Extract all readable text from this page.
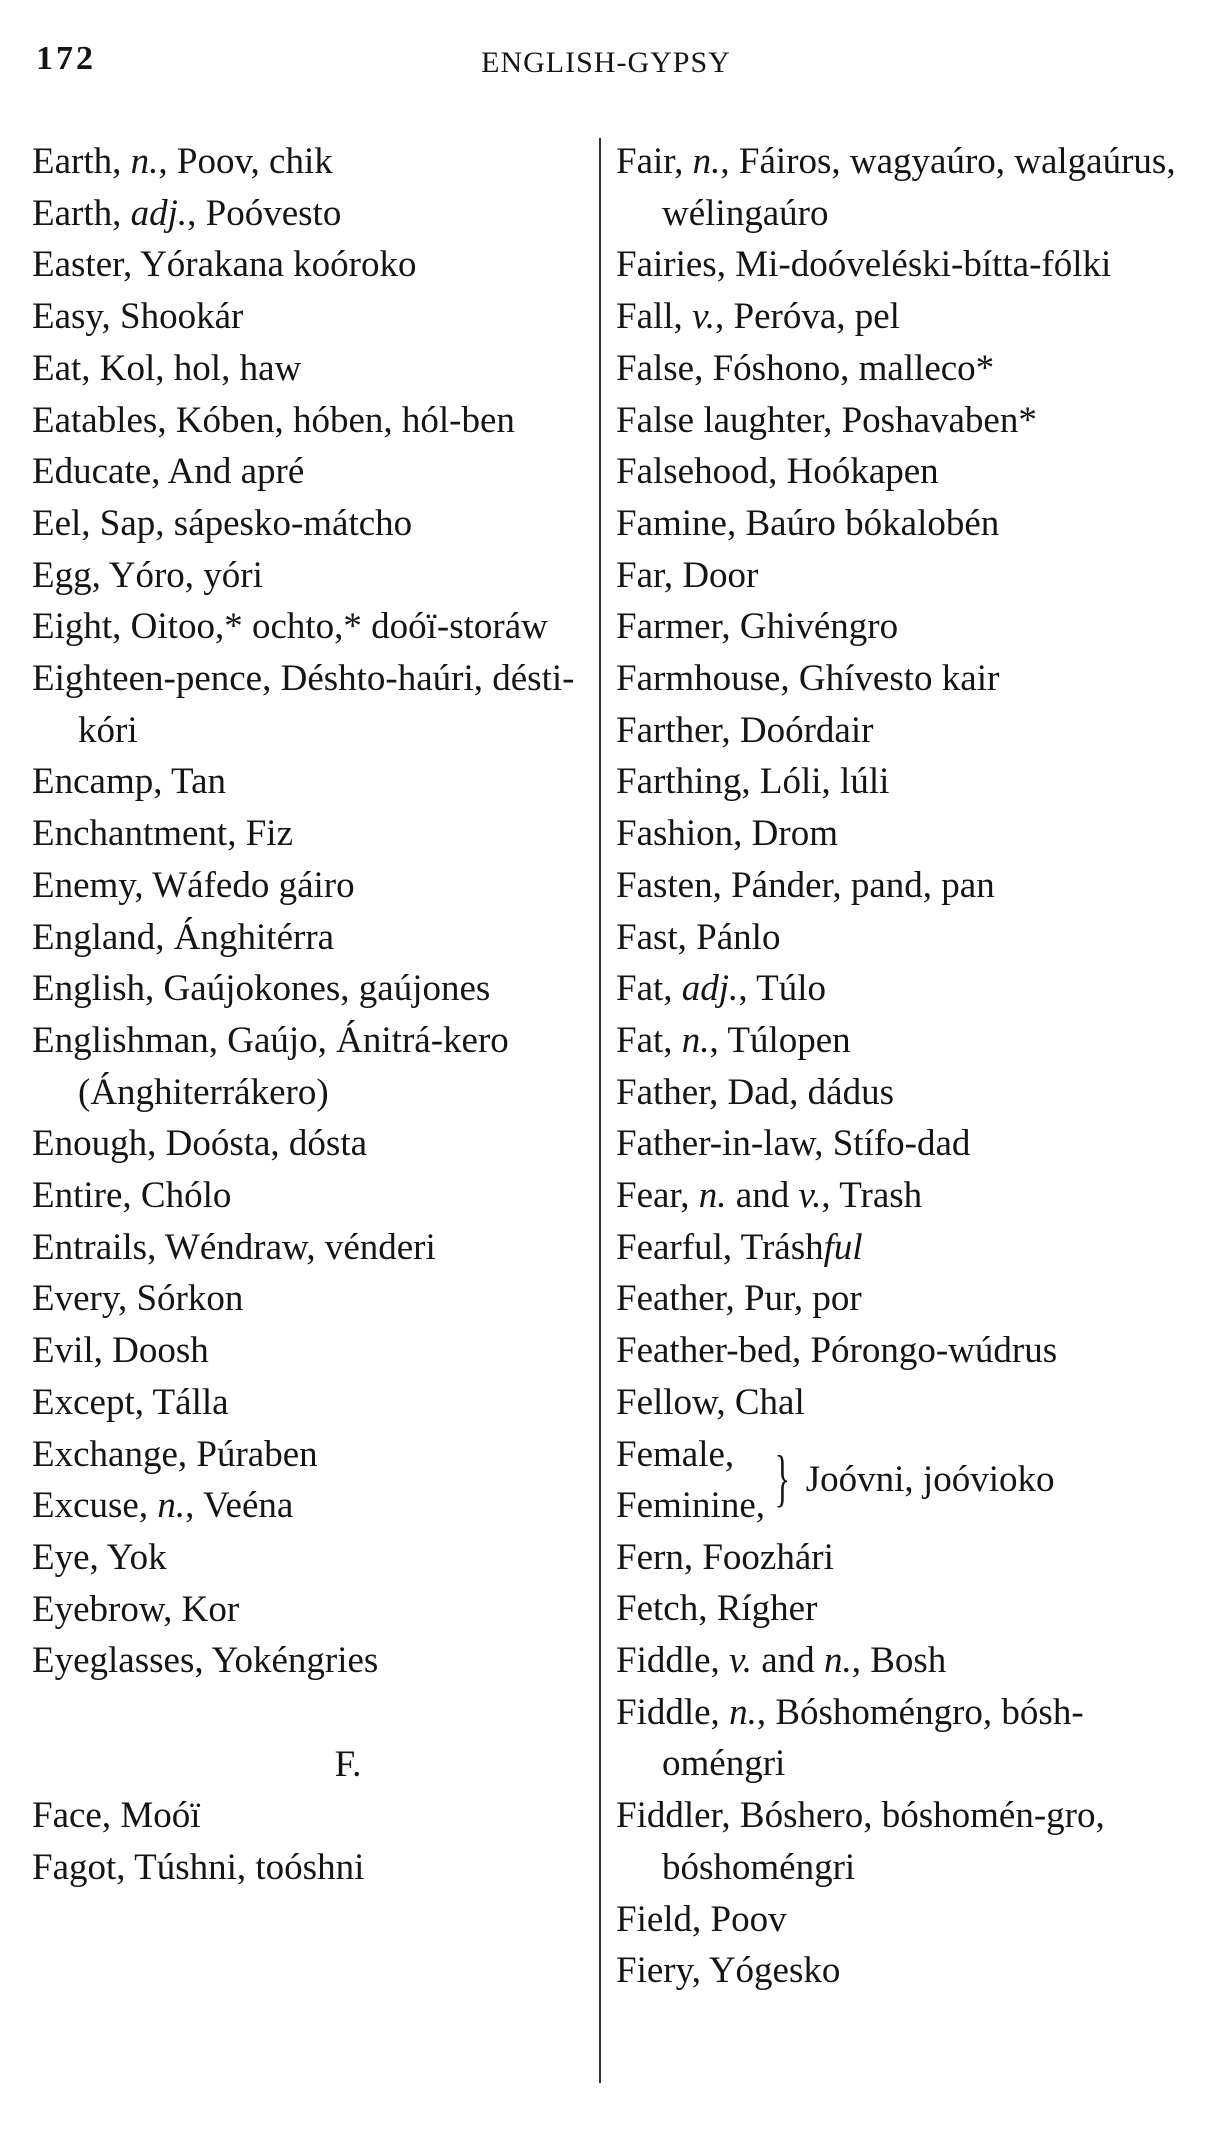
172	ENGLISH-GYPSY
Earth, n., Poov, chik
Earth, adj., Poóvesto
Easter, Yórakana koóroko
Easy, Shookár
Eat, Kol, hol, haw
Eatables, Kóben, hóben, hól-ben
Educate, And apré
Eel, Sap, sápesko-mátcho
Egg, Yóro, yóri
Eight, Oitoo,* ochto,* doóï-storáw
Eighteen-pence, Déshto-haúri, désti-kóri
Encamp, Tan
Enchantment, Fiz
Enemy, Wáfedo gáiro
England, Ánghitérra
English, Gaújokones, gaújones
Englishman, Gaújo, Ánitrá-kero (Ánghiterrákero)
Enough, Doósta, dósta
Entire, Chólo
Entrails, Wéndraw, vénderi
Every, Sórkon
Evil, Doosh
Except, Tálla
Exchange, Púraben
Excuse, n., Veéna
Eye, Yok
Eyebrow, Kor
Eyeglasses, Yokéngries
F.
Face, Moóï
Fagot, Túshni, toóshni
Fair, n., Fáiros, wagyaúro, walgaúrus, wélingaúro
Fairies, Mi-doóveléski-bítta-fólki
Fall, v., Peróva, pel
False, Fóshono, malleco*
False laughter, Poshavaben*
Falsehood, Hoókapen
Famine, Baúro bókalobén
Far, Door
Farmer, Ghivéngro
Farmhouse, Ghívesto kair
Farther, Doórdair
Farthing, Lóli, lúli
Fashion, Drom
Fasten, Pánder, pand, pan
Fast, Pánlo
Fat, adj., Túlo
Fat, n., Túlopen
Father, Dad, dádus
Father-in-law, Stífo-dad
Fear, n. and v., Trash
Fearful, Tráshful
Feather, Pur, por
Feather-bed, Pórongo-wúdrus
Fellow, Chal
Female,
Feminine, } Joóvni, joóvioko
Fern, Foozhári
Fetch, Rígher
Fiddle, v. and n., Bosh
Fiddle, n., Bóshoméngro, bósh-oméngri
Fiddler, Bóshero, bóshomén-gro, bóshoméngri
Field, Poov
Fiery, Yógesko
